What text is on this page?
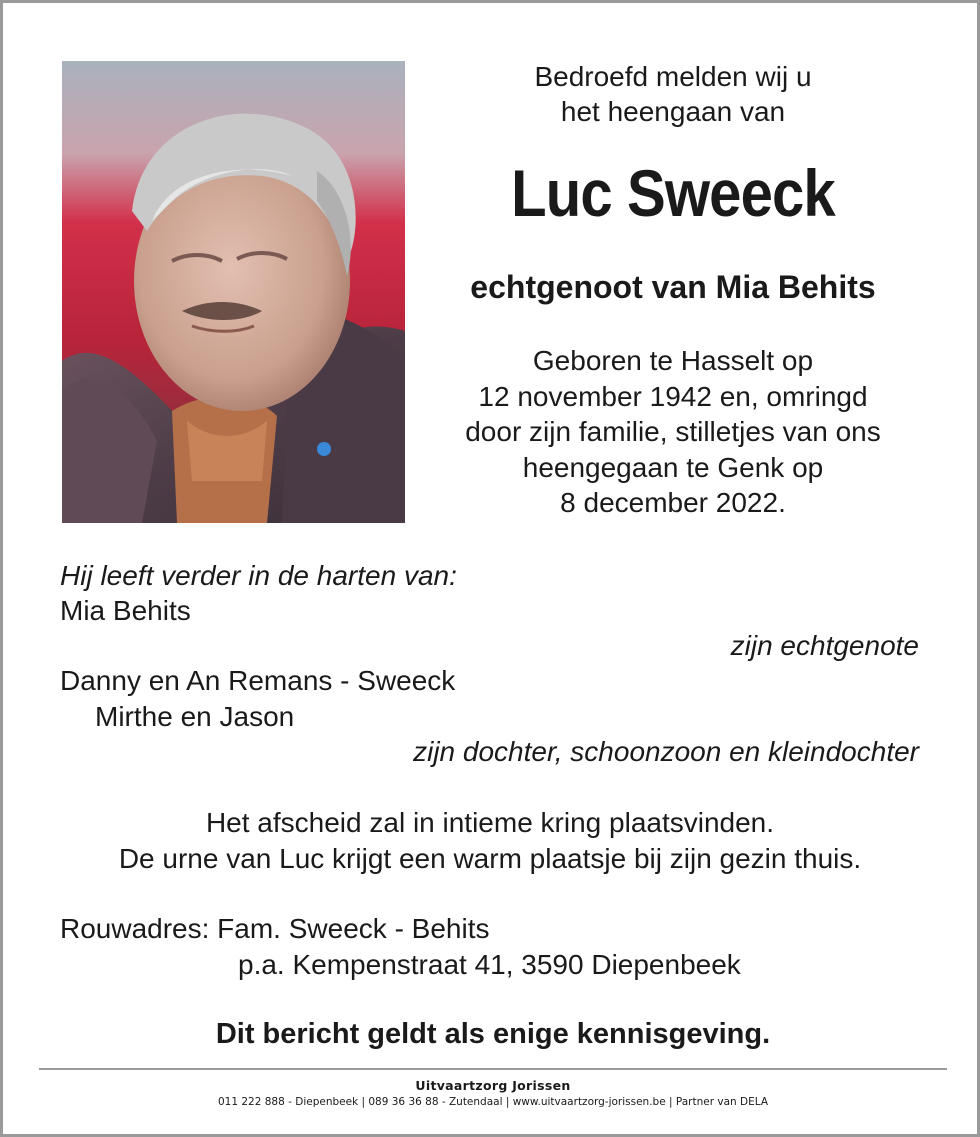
Bedroefd melden wij u
het heengaan van
Luc Sweeck
echtgenoot van Mia Behits
Geboren te Hasselt op
12 november 1942 en, omringd
door zijn familie, stilletjes van ons
heengegaan te Genk op
8 december 2022.
Hij leeft verder in de harten van:
Mia Behits
zijn echtgenote
Danny en An Remans - Sweeck
Mirthe en Jason
zijn dochter, schoonzoon en kleindochter
Het afscheid zal in intieme kring plaatsvinden.
De urne van Luc krijgt een warm plaatsje bij zijn gezin thuis.
Rouwadres: Fam. Sweeck - Behits
p.a. Kempenstraat 41, 3590 Diepenbeek
Dit bericht geldt als enige kennisgeving.
Uitvaartzorg Jorissen
011 222 888 - Diepenbeek | 089 36 36 88 - Zutendaal | www.uitvaartzorg-jorissen.be | Partner van DELA
